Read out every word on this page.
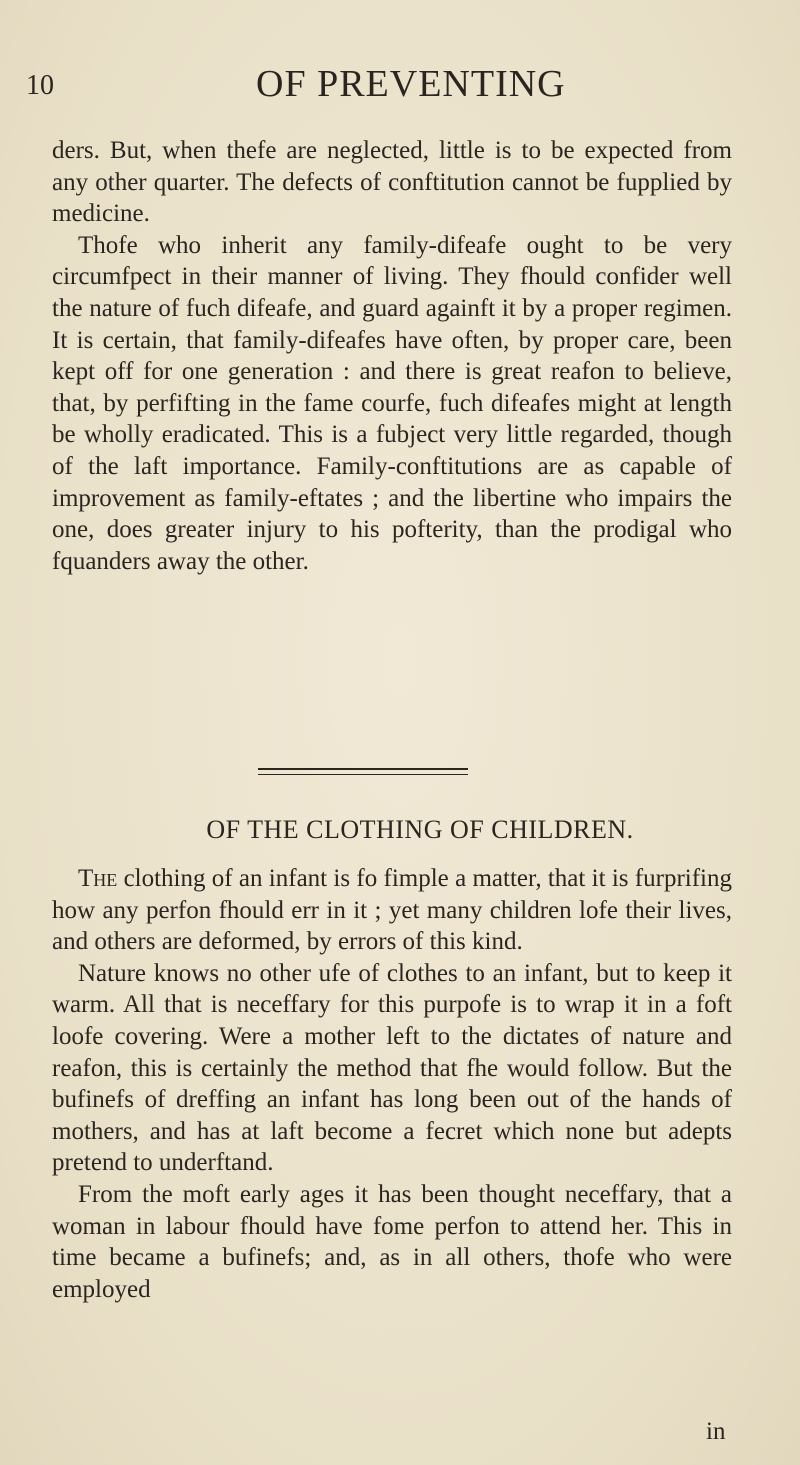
10	OF PREVENTING

ders. But, when thefe are neglected, little is to be expected from any other quarter. The defects of conftitution cannot be fupplied by medicine.

Thofe who inherit any family-difeafe ought to be very circumfpect in their manner of living. They fhould confider well the nature of fuch difeafe, and guard againft it by a proper regimen. It is certain, that family-difeafes have often, by proper care, been kept off for one generation : and there is great reafon to believe, that, by perfifting in the fame courfe, fuch difeafes might at length be wholly eradicated. This is a fubject very little regarded, though of the laft importance. Family-conftitutions are as capable of improvement as family-eftates ; and the libertine who impairs the one, does greater injury to his pofterity, than the prodigal who fquanders away the other.

OF THE CLOTHING OF CHILDREN.

The clothing of an infant is fo fimple a matter, that it is furprifing how any perfon fhould err in it ; yet many children lofe their lives, and others are deformed, by errors of this kind.

Nature knows no other ufe of clothes to an infant, but to keep it warm. All that is neceffary for this purpofe is to wrap it in a foft loofe covering. Were a mother left to the dictates of nature and reafon, this is certainly the method that fhe would follow. But the bufinefs of dreffing an infant has long been out of the hands of mothers, and has at laft become a fecret which none but adepts pretend to underftand.

From the moft early ages it has been thought neceffary, that a woman in labour fhould have fome perfon to attend her. This in time became a bufinefs; and, as in all others, thofe who were employed

in
